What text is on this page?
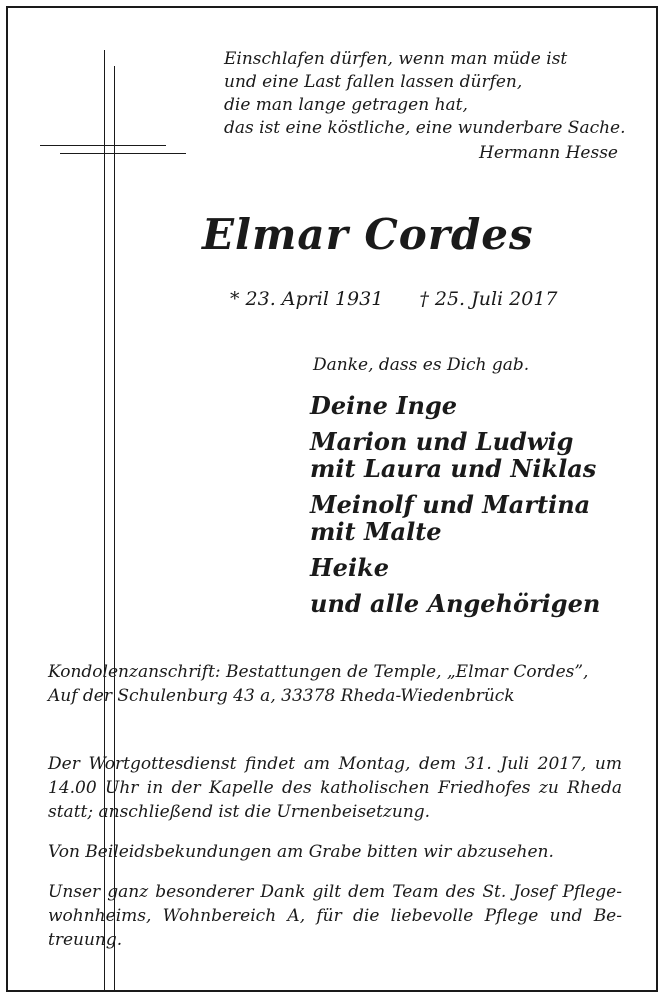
Einschlafen dürfen, wenn man müde ist
und eine Last fallen lassen dürfen,
die man lange getragen hat,
das ist eine köstliche, eine wunderbare Sache.
Hermann Hesse
Elmar Cordes
* 23. April 1931 † 25. Juli 2017
Danke, dass es Dich gab.
Deine Inge
Marion und Ludwig
mit Laura und Niklas
Meinolf und Martina
mit Malte
Heike
und alle Angehörigen
Kondolenzanschrift: Bestattungen de Temple, „Elmar Cordes”,
Auf der Schulenburg 43 a, 33378 Rheda-Wiedenbrück
Der Wortgottesdienst findet am Montag, dem 31. Juli 2017, um
14.00 Uhr in der Kapelle des katholischen Friedhofes zu Rheda
statt; anschließend ist die Urnenbeisetzung.
Von Beileidsbekundungen am Grabe bitten wir abzusehen.
Unser ganz besonderer Dank gilt dem Team des St. Josef Pflege-
wohnheims, Wohnbereich A, für die liebevolle Pflege und Be-
treuung.
